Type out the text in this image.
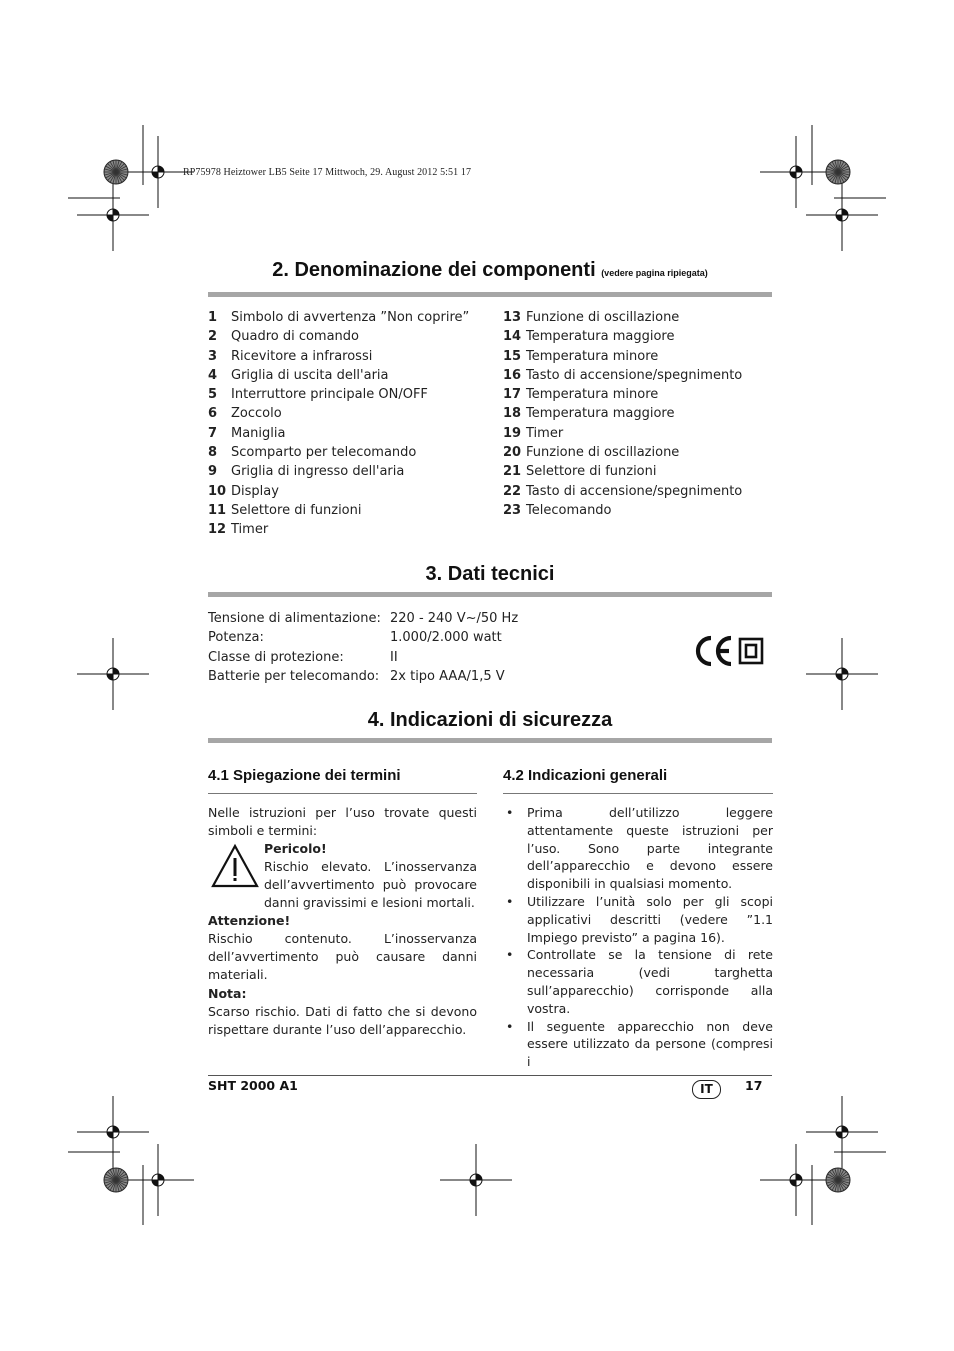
RP75978 Heiztower LB5 Seite 17 Mittwoch, 29. August 2012 5:51 17
2. Denominazione dei componenti (vedere pagina ripiegata)
1 Simbolo di avvertenza ”Non coprire”
2 Quadro di comando
3 Ricevitore a infrarossi
4 Griglia di uscita dell'aria
5 Interruttore principale ON/OFF
6 Zoccolo
7 Maniglia
8 Scomparto per telecomando
9 Griglia di ingresso dell'aria
10 Display
11 Selettore di funzioni
12 Timer
13 Funzione di oscillazione
14 Temperatura maggiore
15 Temperatura minore
16 Tasto di accensione/spegnimento
17 Temperatura minore
18 Temperatura maggiore
19 Timer
20 Funzione di oscillazione
21 Selettore di funzioni
22 Tasto di accensione/spegnimento
23 Telecomando
3. Dati tecnici
Tensione di alimentazione: 220 - 240 V~/50 Hz
Potenza:	1.000/2.000 watt
Classe di protezione:	II
Batterie per telecomando: 2x tipo AAA/1,5 V
4. Indicazioni di sicurezza
4.1 Spiegazione dei termini
Nelle istruzioni per l’uso trovate questi simboli e termini:
Pericolo!
Rischio elevato. L’inosservanza dell’avvertimento può provocare danni gravissimi e lesioni mortali.
Attenzione!
Rischio contenuto. L’inosservanza dell’avvertimento può causare danni materiali.
Nota:
Scarso rischio. Dati di fatto che si devono rispettare durante l’uso dell’apparecchio.
4.2 Indicazioni generali
• Prima dell’utilizzo leggere attentamente queste istruzioni per l’uso. Sono parte integrante dell’apparecchio e devono essere disponibili in qualsiasi momento.
• Utilizzare l’unità solo per gli scopi applicativi descritti (vedere ”1.1 Impiego previsto” a pagina 16).
• Controllate se la tensione di rete necessaria (vedi targhetta sull’apparecchio) corrisponde alla vostra.
• Il seguente apparecchio non deve essere utilizzato da persone (compresi i
SHT 2000 A1	IT	17
